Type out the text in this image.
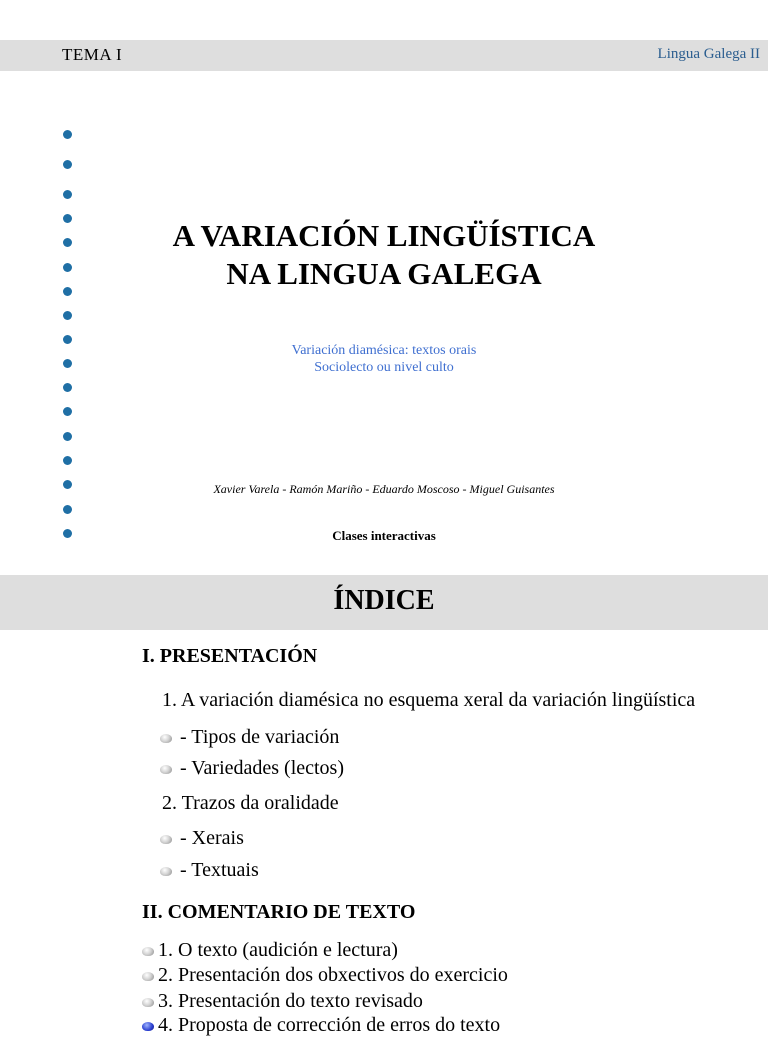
TEMA I	Lingua Galega II
A VARIACIÓN LINGÜÍSTICA
NA LINGUA GALEGA
Variación diamésica: textos orais
Sociolecto ou nivel culto
Xavier Varela - Ramón Mariño - Eduardo Moscoso - Miguel Guisantes
Clases interactivas
ÍNDICE
I. PRESENTACIÓN
1. A variación diamésica no esquema xeral da variación lingüística
- Tipos de variación
- Variedades (lectos)
2. Trazos da oralidade
- Xerais
- Textuais
II. COMENTARIO DE TEXTO
1. O texto (audición e lectura)
2. Presentación dos obxectivos do exercicio
3. Presentación do texto revisado
4. Proposta de corrección de erros do texto
